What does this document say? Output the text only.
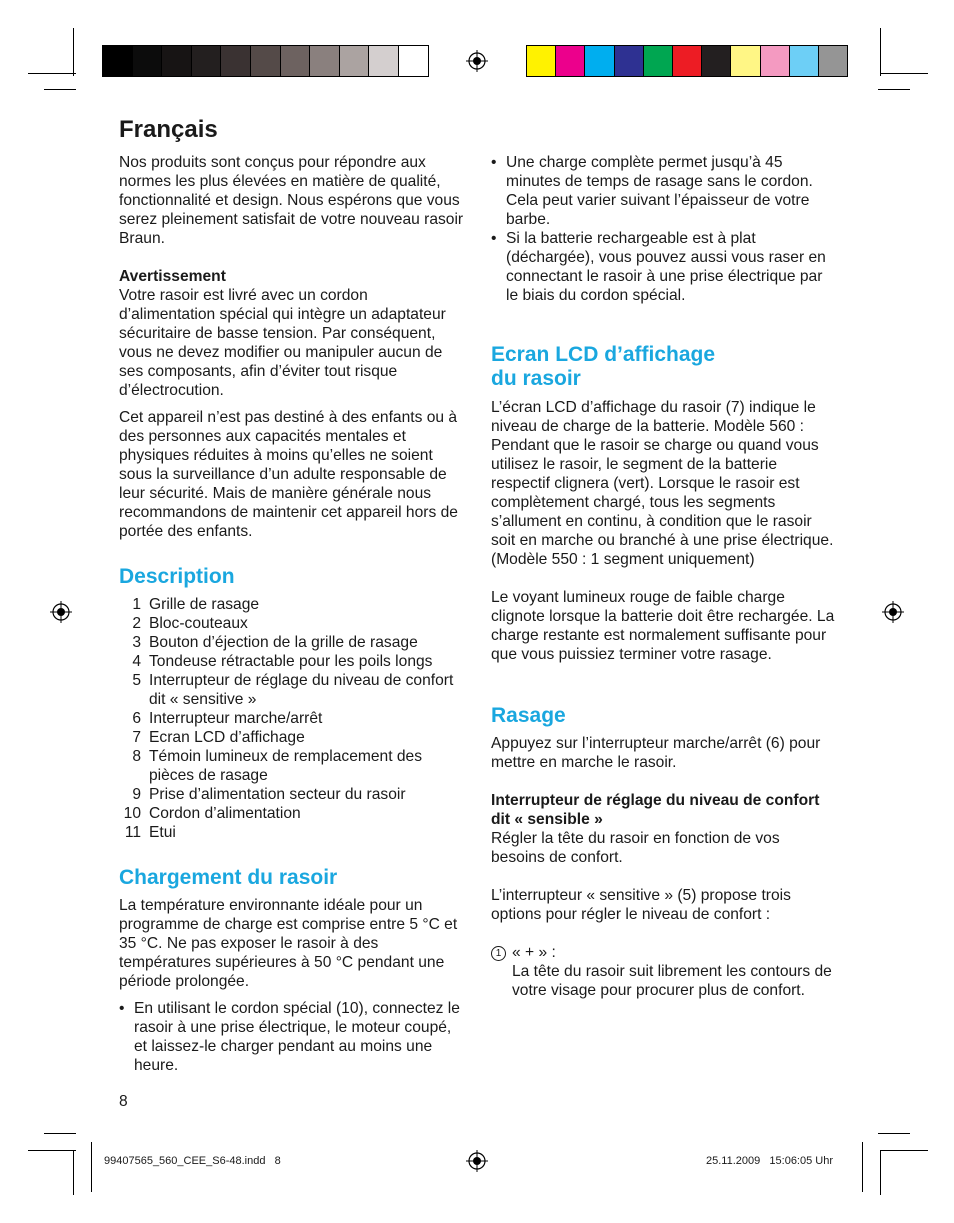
Français

Nos produits sont conçus pour répondre aux normes les plus élevées en matière de qualité, fonctionnalité et design. Nous espérons que vous serez pleinement satisfait de votre nouveau rasoir Braun.

Avertissement

Votre rasoir est livré avec un cordon d’alimentation spécial qui intègre un adaptateur sécuritaire de basse tension. Par conséquent, vous ne devez modifier ou manipuler aucun de ses composants, afin d’éviter tout risque d’électrocution.

Cet appareil n’est pas destiné à des enfants ou à des personnes aux capacités mentales et physiques réduites à moins qu’elles ne soient sous la surveillance d’un adulte responsable de leur sécurité. Mais de manière générale nous recommandons de maintenir cet appareil hors de portée des enfants.

Description
1 Grille de rasage
2 Bloc-couteaux
3 Bouton d’éjection de la grille de rasage
4 Tondeuse rétractable pour les poils longs
5 Interrupteur de réglage du niveau de confort dit « sensitive »
6 Interrupteur marche/arrêt
7 Ecran LCD d’affichage
8 Témoin lumineux de remplacement des pièces de rasage
9 Prise d’alimentation secteur du rasoir
10 Cordon d’alimentation
11 Etui
Chargement du rasoir

La température environnante idéale pour un programme de charge est comprise entre 5 °C et 35 °C. Ne pas exposer le rasoir à des températures supérieures à 50 °C pendant une période prolongée.

• En utilisant le cordon spécial (10), connectez le rasoir à une prise électrique, le moteur coupé, et laissez-le charger pendant au moins une heure.
• Une charge complète permet jusqu’à 45 minutes de temps de rasage sans le cordon. Cela peut varier suivant l’épaisseur de votre barbe.
• Si la batterie rechargeable est à plat (déchargée), vous pouvez aussi vous raser en connectant le rasoir à une prise électrique par le biais du cordon spécial.
Ecran LCD d’affichage
du rasoir

L’écran LCD d’affichage du rasoir (7) indique le niveau de charge de la batterie. Modèle 560 : Pendant que le rasoir se charge ou quand vous utilisez le rasoir, le segment de la batterie respectif clignera (vert). Lorsque le rasoir est complètement chargé, tous les segments s’allument en continu, à condition que le rasoir soit en marche ou branché à une prise électrique.

(Modèle 550 : 1 segment uniquement)

Le voyant lumineux rouge de faible charge clignote lorsque la batterie doit être rechargée. La charge restante est normalement suffisante pour que vous puissiez terminer votre rasage.

Rasage

Appuyez sur l’interrupteur marche/arrêt (6) pour mettre en marche le rasoir.

Interrupteur de réglage du niveau de confort dit « sensible »

Régler la tête du rasoir en fonction de vos besoins de confort.

L’interrupteur « sensitive » (5) propose trois options pour régler le niveau de confort :

1 « + » :

La tête du rasoir suit librement les contours de votre visage pour procurer plus de confort.

8
99407565_560_CEE_S6-48.indd   8	25.11.2009   15:06:05 Uhr
